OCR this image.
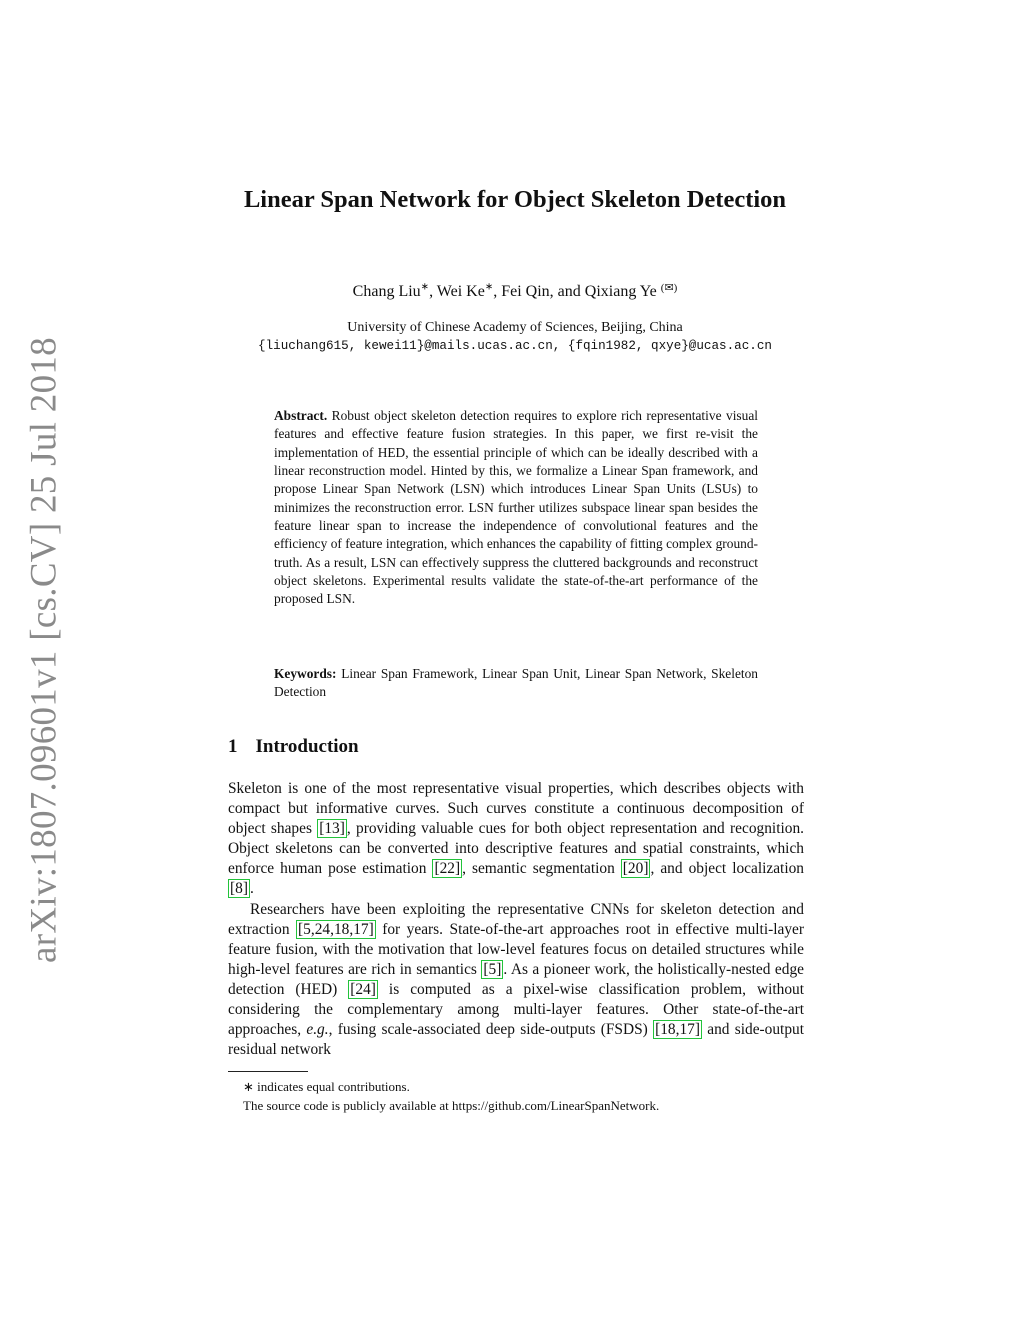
arXiv:1807.09601v1 [cs.CV] 25 Jul 2018
Linear Span Network for Object Skeleton Detection
Chang Liu∗, Wei Ke∗, Fei Qin, and Qixiang Ye (✉)
University of Chinese Academy of Sciences, Beijing, China
{liuchang615, kewei11}@mails.ucas.ac.cn, {fqin1982, qxye}@ucas.ac.cn
Abstract. Robust object skeleton detection requires to explore rich representative visual features and effective feature fusion strategies. In this paper, we first re-visit the implementation of HED, the essential principle of which can be ideally described with a linear reconstruction model. Hinted by this, we formalize a Linear Span framework, and propose Linear Span Network (LSN) which introduces Linear Span Units (LSUs) to minimizes the reconstruction error. LSN further utilizes subspace linear span besides the feature linear span to increase the independence of convolutional features and the efficiency of feature integration, which enhances the capability of fitting complex ground-truth. As a result, LSN can effectively suppress the cluttered backgrounds and reconstruct object skeletons. Experimental results validate the state-of-the-art performance of the proposed LSN.
Keywords: Linear Span Framework, Linear Span Unit, Linear Span Network, Skeleton Detection
1 Introduction

Skeleton is one of the most representative visual properties, which describes objects with compact but informative curves. Such curves constitute a continuous decomposition of object shapes [13] , providing valuable cues for both object representation and recognition. Object skeletons can be converted into descriptive features and spatial constraints, which enforce human pose estimation [22] , semantic segmentation [20] , and object localization [8] .

Researchers have been exploiting the representative CNNs for skeleton detection and extraction [5,24,18,17] for years. State-of-the-art approaches root in effective multi-layer feature fusion, with the motivation that low-level features focus on detailed structures while high-level features are rich in semantics [5] . As a pioneer work, the holistically-nested edge detection (HED) [24] is computed as a pixel-wise classification problem, without considering the complementary among multi-layer features. Other state-of-the-art approaches, e.g., fusing scale-associated deep side-outputs (FSDS) [18,17] and side-output residual network

∗ indicates equal contributions.
The source code is publicly available at https://github.com/LinearSpanNetwork.
